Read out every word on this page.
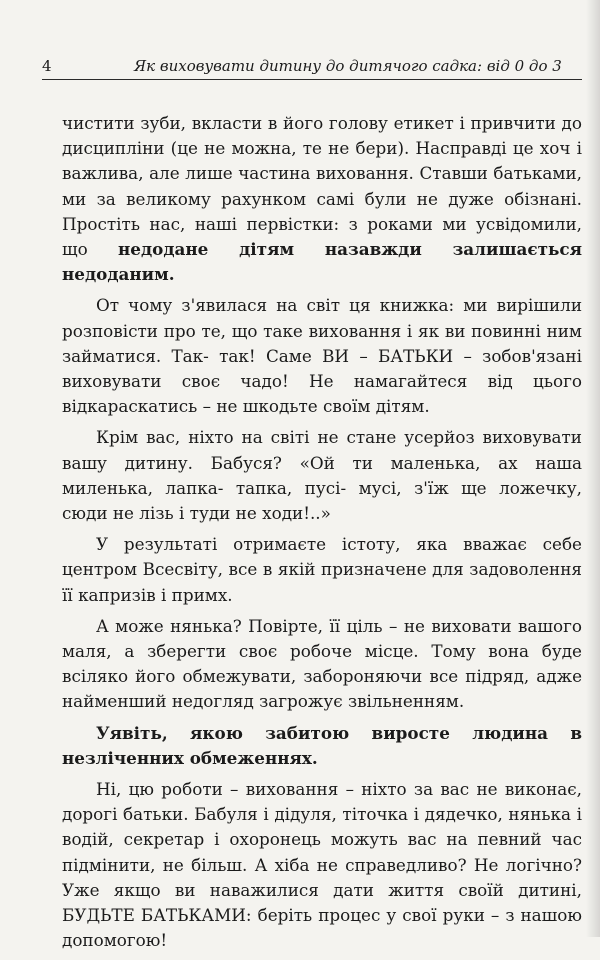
4	Як виховувати дитину до дитячого садка: від 0 до 3

чистити зуби, вкласти в його голову етикет і привчити до дисципліни (це не можна, те не бери). Насправді це хоч і важлива, але лише частина виховання. Ставши батьками, ми за великому рахунком самі були не дуже обізнані. Простіть нас, наші первістки: з роками ми усвідомили, що недодане дітям назавжди залишається недоданим.

От чому з'явилася на світ ця книжка: ми вирішили розповісти про те, що таке виховання і як ви повинні ним займатися. Так- так! Саме ВИ – БАТЬКИ – зобов'язані виховувати своє чадо! Не намагайтеся від цього відкараскатись – не шкодьте своїм дітям.

Крім вас, ніхто на світі не стане усерйоз виховувати вашу дитину. Бабуся? «Ой ти маленька, ах наша миленька, лапка- тапка, пусі- мусі, з'їж ще ложечку, сюди не лізь і туди не ходи!..»

У результаті отримаєте істоту, яка вважає себе центром Всесвіту, все в якій призначене для задоволення її капризів і примх.

А може нянька? Повірте, її ціль – не виховати вашого маля, а зберегти своє робоче місце. Тому вона буде всіляко його обмежувати, забороняючи все підряд, адже найменший недогляд загрожує звільненням.

Уявіть, якою забитою виросте людина в незліченних обмеженнях.

Ні, цю роботи – виховання – ніхто за вас не виконає, дорогі батьки. Бабуля і дідуля, тіточка і дядечко, нянька і водій, секретар і охоронець можуть вас на певний час підмінити, не більш. А хіба не справедливо? Не логічно? Уже якщо ви наважилися дати життя своїй дитині, БУДЬТЕ БАТЬКАМИ: беріть процес у свої руки – з нашою допомогою!
